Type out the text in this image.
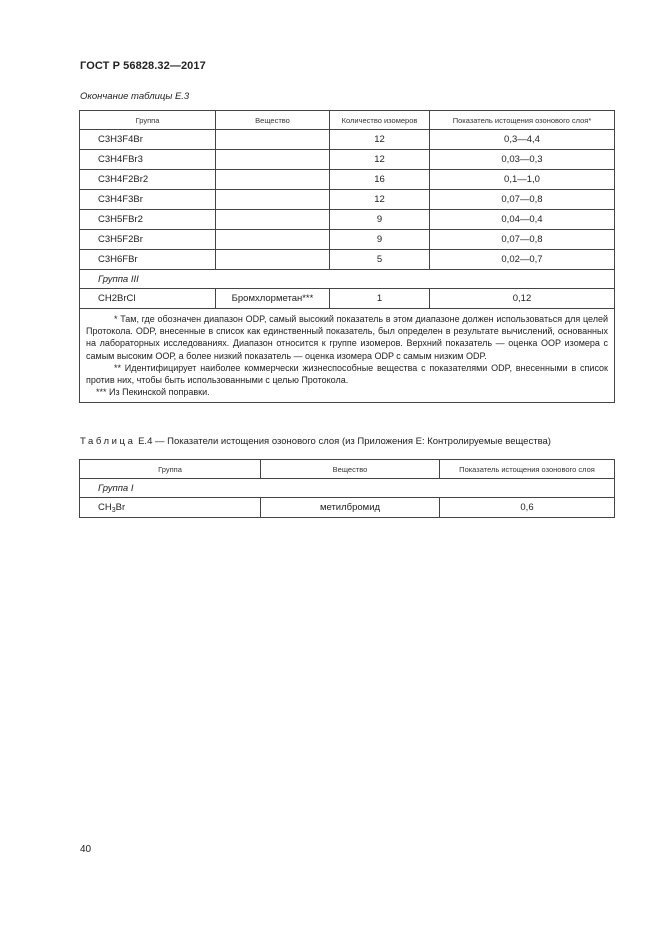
ГОСТ Р 56828.32—2017
Окончание таблицы Е.3
Группа	Вещество	Количество изомеров	Показатель истощения озонового слоя*
C3H3F4Br		12	0,3—4,4
C3H4FBr3		12	0,03—0,3
C3H4F2Br2		16	0,1—1,0
C3H4F3Br		12	0,07—0,8
C3H5FBr2		9	0,04—0,4
C3H5F2Br		9	0,07—0,8
C3H6FBr		5	0,02—0,7
Группа III			
CH2BrCl	Бромхлорметан***	1	0,12

* Там, где обозначен диапазон ODP, самый высокий показатель в этом диапазоне должен использоваться для целей Протокола. ODP, внесенные в список как единственный показатель, был определен в результате вычислений, основанных на лабораторных исследованиях. Диапазон относится к группе изомеров. Верхний показатель — оценка ООР изомера с самым высоким ООР, а более низкий показатель — оценка изомера ODP с самым низким ODP.

** Идентифицирует наиболее коммерчески жизнеспособные вещества с показателями ODP, внесенными в список против них, чтобы быть использованными с целью Протокола.

*** Из Пекинской поправки.			

Таблица Е.4 — Показатели истощения озонового слоя (из Приложения Е: Контролируемые вещества)
Группа	Вещество	Показатель истощения озонового слоя
Группа I		
$CH_3Br$	метилбромид	0,6
40
